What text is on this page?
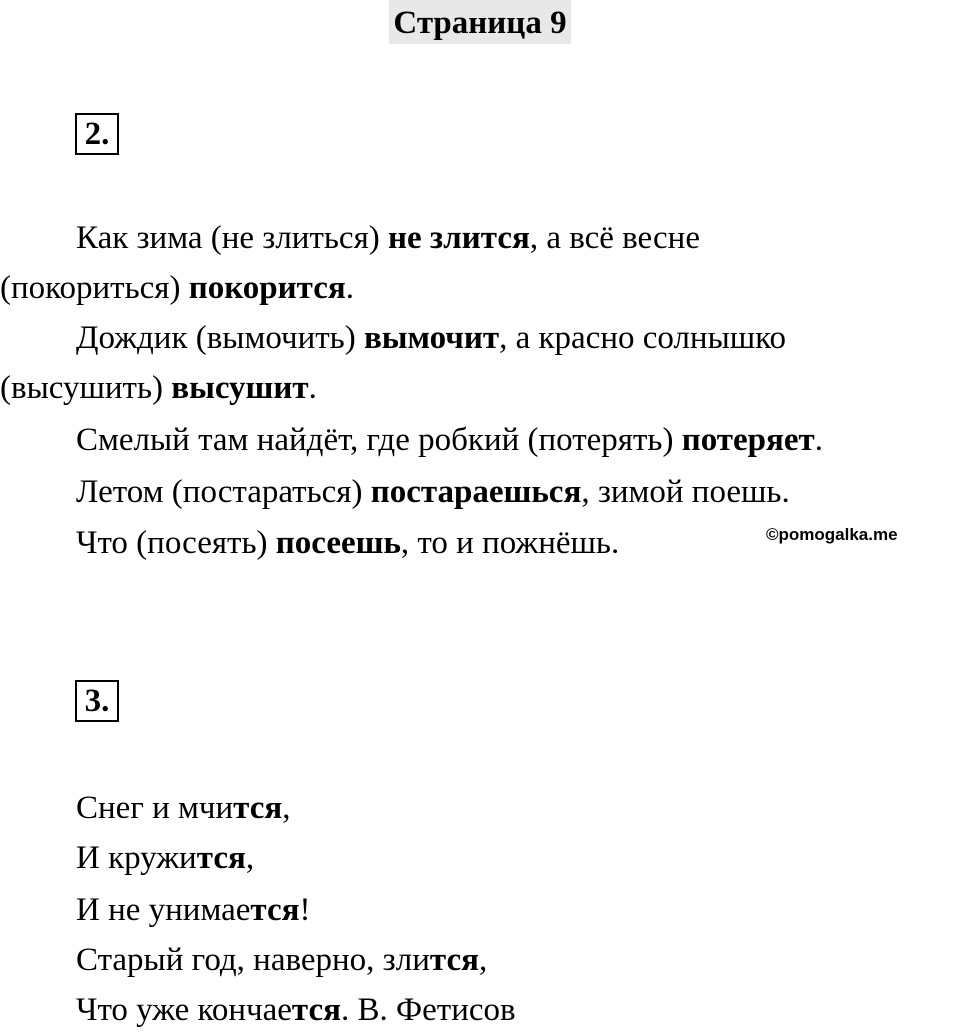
Страница 9
2.
Как зима (не злиться) не злится, а всё весне
(покориться) покорится.
Дождик (вымочить) вымочит, а красно солнышко
(высушить) высушит.
Смелый там найдёт, где робкий (потерять) потеряет.
Летом (постараться) постараешься, зимой поешь.
Что (посеять) посеешь, то и пожнёшь.	©pomogalka.me
3.
Снег и мчится,
И кружится,
И не унимается!
Старый год, наверно, злится,
Что уже кончается. В. Фетисов
